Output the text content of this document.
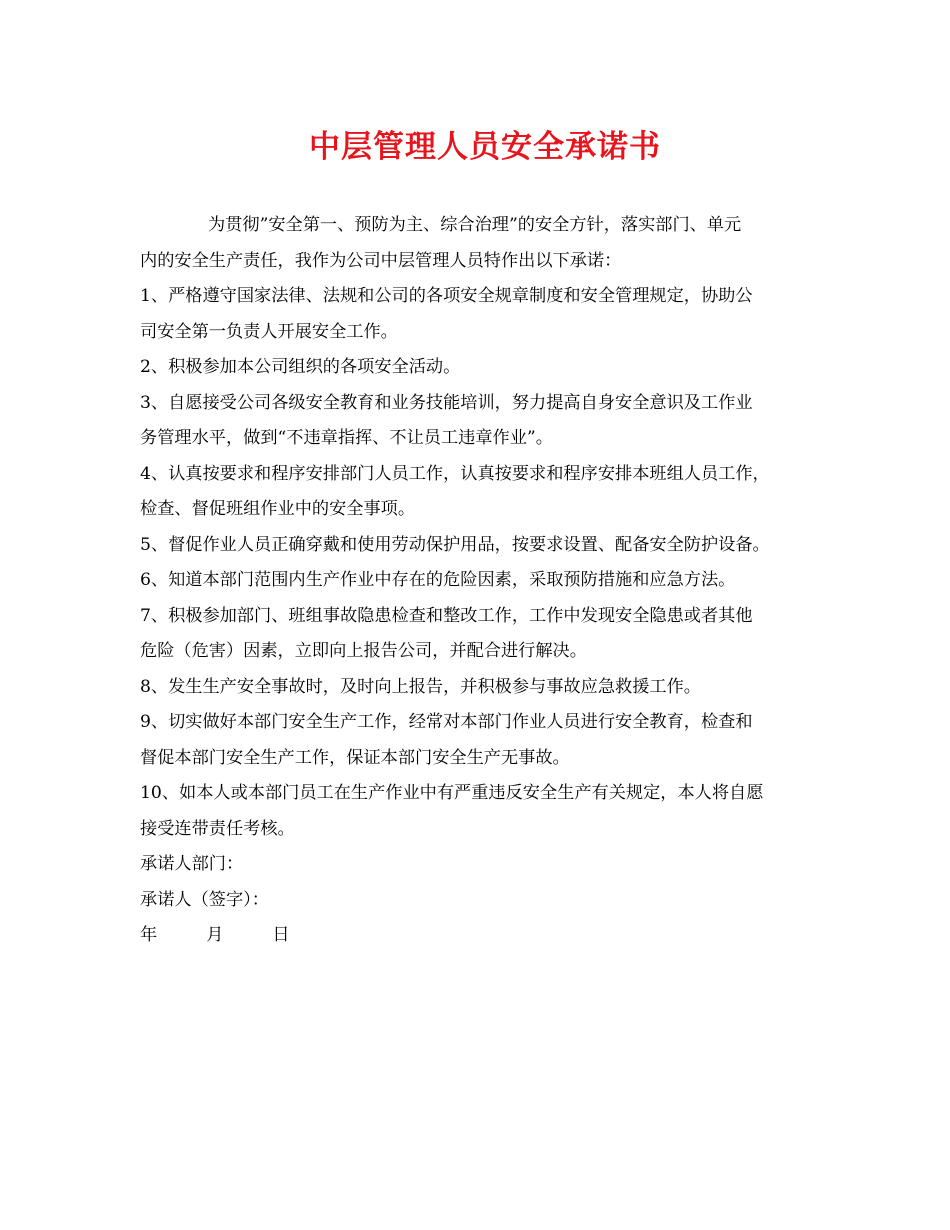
中层管理人员安全承诺书

为贯彻”安全第一、预防为主、综合治理”的安全方针，落实部门、单元

内的安全生产责任，我作为公司中层管理人员特作出以下承诺：

1、严格遵守国家法律、法规和公司的各项安全规章制度和安全管理规定，协助公

司安全第一负责人开展安全工作。

2、积极参加本公司组织的各项安全活动。

3、自愿接受公司各级安全教育和业务技能培训，努力提高自身安全意识及工作业

务管理水平，做到“不违章指挥、不让员工违章作业”。

4、认真按要求和程序安排部门人员工作，认真按要求和程序安排本班组人员工作，

检查、督促班组作业中的安全事项。

5、督促作业人员正确穿戴和使用劳动保护用品，按要求设置、配备安全防护设备。

6、知道本部门范围内生产作业中存在的危险因素，采取预防措施和应急方法。

7、积极参加部门、班组事故隐患检查和整改工作，工作中发现安全隐患或者其他

危险（危害）因素，立即向上报告公司，并配合进行解决。

8、发生生产安全事故时，及时向上报告，并积极参与事故应急救援工作。

9、切实做好本部门安全生产工作，经常对本部门作业人员进行安全教育，检查和

督促本部门安全生产工作，保证本部门安全生产无事故。

10、如本人或本部门员工在生产作业中有严重违反安全生产有关规定，本人将自愿

接受连带责任考核。

承诺人部门：

承诺人（签字）：

年	月	日
